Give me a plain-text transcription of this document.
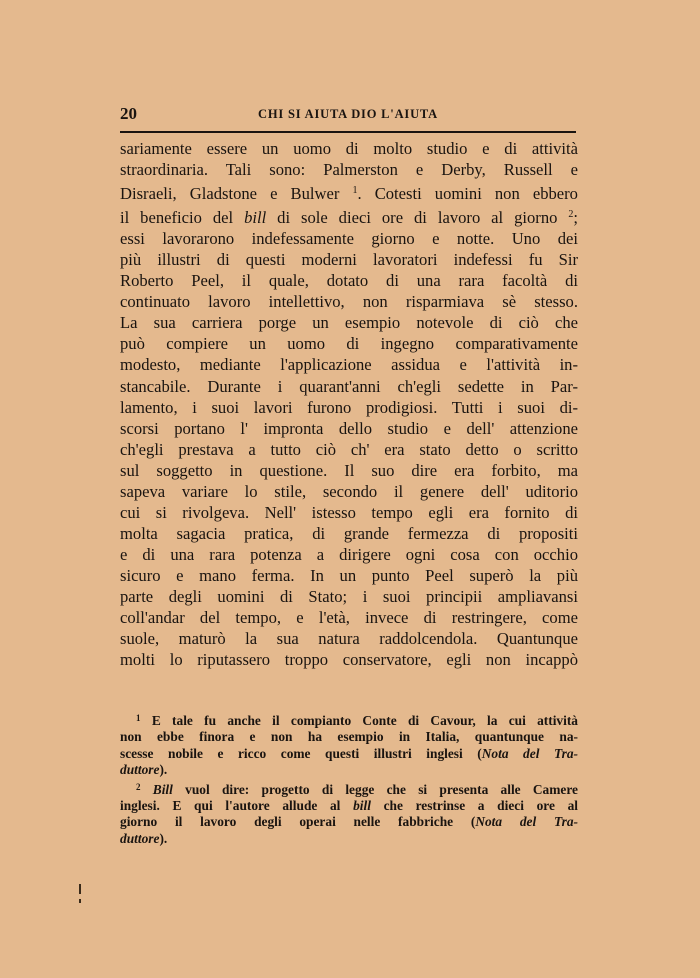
20	CHI SI AIUTA DIO L'AIUTA
sariamente essere un uomo di molto studio e di attività
straordinaria. Tali sono: Palmerston e Derby, Russell e
Disraeli, Gladstone e Bulwer $^1$. Cotesti uomini non ebbero
il beneficio del bill di sole dieci ore di lavoro al giorno $^2$;
essi lavorarono indefessamente giorno e notte. Uno dei
più illustri di questi moderni lavoratori indefessi fu Sir
Roberto Peel, il quale, dotato di una rara facoltà di
continuato lavoro intellettivo, non risparmiava sè stesso.
La sua carriera porge un esempio notevole di ciò che
può compiere un uomo di ingegno comparativamente
modesto, mediante l'applicazione assidua e l'attività in-
stancabile. Durante i quarant'anni ch'egli sedette in Par-
lamento, i suoi lavori furono prodigiosi. Tutti i suoi di-
scorsi portano l' impronta dello studio e dell' attenzione
ch'egli prestava a tutto ciò ch' era stato detto o scritto
sul soggetto in questione. Il suo dire era forbito, ma
sapeva variare lo stile, secondo il genere dell' uditorio
cui si rivolgeva. Nell' istesso tempo egli era fornito di
molta sagacia pratica, di grande fermezza di propositi
e di una rara potenza a dirigere ogni cosa con occhio
sicuro e mano ferma. In un punto Peel superò la più
parte degli uomini di Stato; i suoi principii ampliavansi
coll'andar del tempo, e l'età, invece di restringere, come
suole, maturò la sua natura raddolcendola. Quantunque
molti lo riputassero troppo conservatore, egli non incappò
$^1$ E tale fu anche il compianto Conte di Cavour, la cui attività
non ebbe finora e non ha esempio in Italia, quantunque na-
scesse nobile e ricco come questi illustri inglesi (Nota del Tra-
duttore).
$^2$ Bill vuol dire: progetto di legge che si presenta alle Camere
inglesi. E qui l'autore allude al bill che restrinse a dieci ore al
giorno il lavoro degli operai nelle fabbriche (Nota del Tra-
duttore).
